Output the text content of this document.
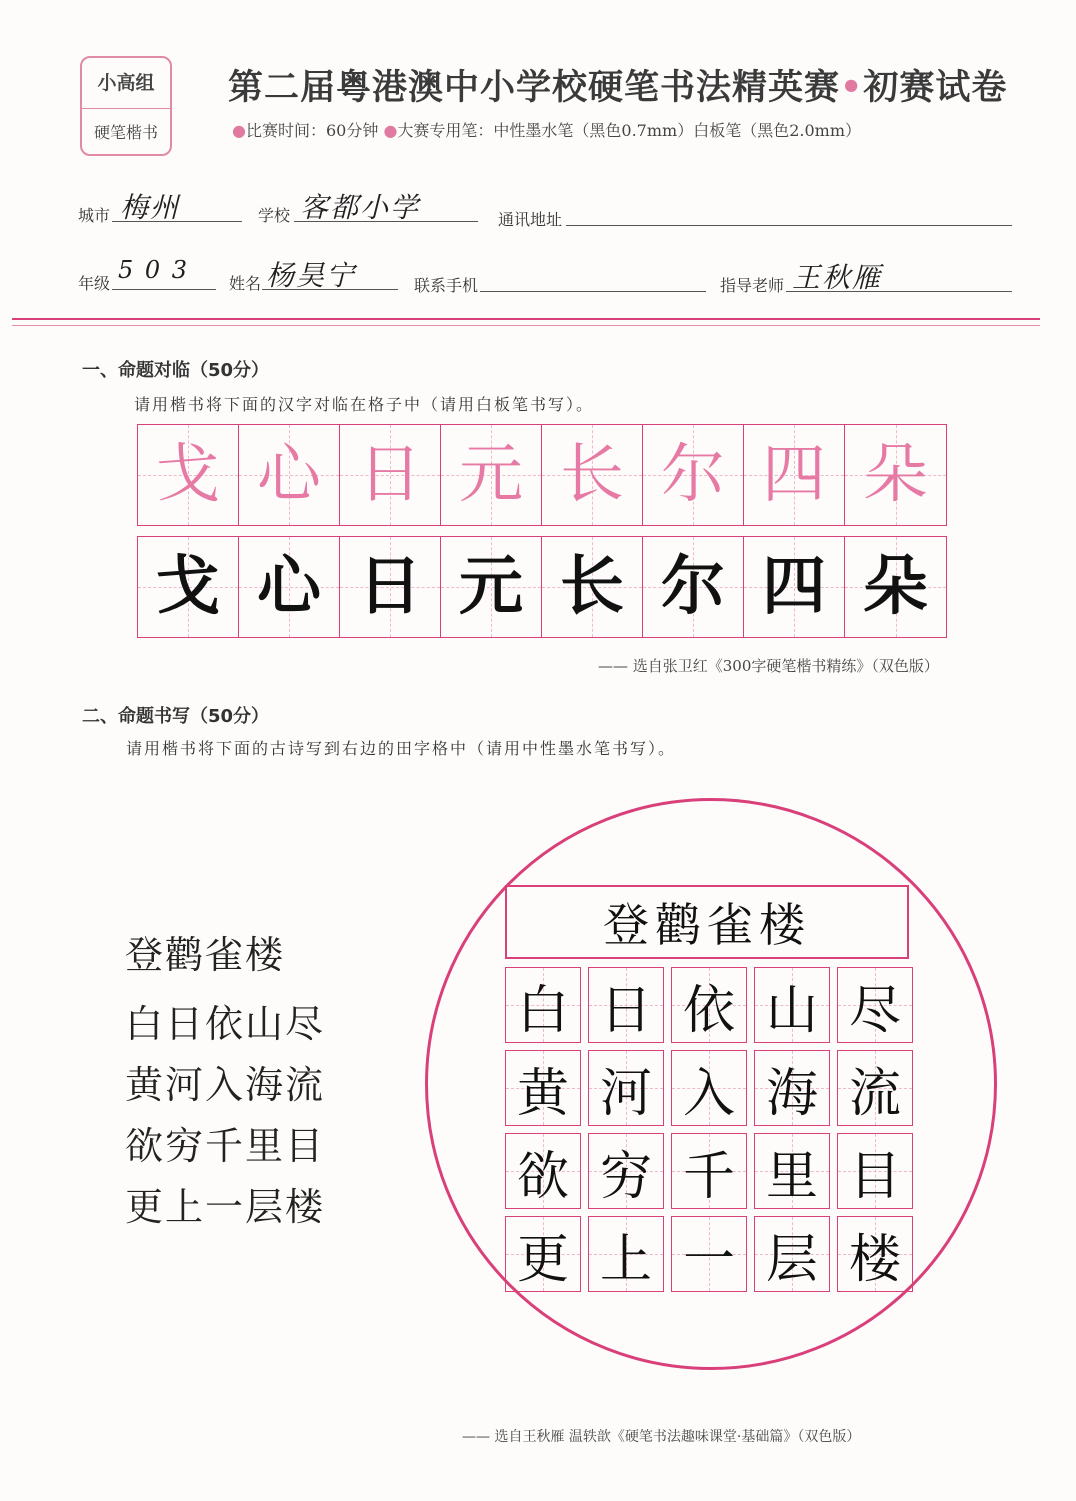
小高组
硬笔楷书
第二届粤港澳中小学校硬笔书法精英赛•初赛试卷
●比赛时间：60分钟 ●大赛专用笔：中性墨水笔（黑色0.7mm）白板笔（黑色2.0mm）
城市 梅州	学校 客都小学	通讯地址
年级 5 0 3 姓名 杨昊宁	联系手机	指导老师 王秋雁
一、命题对临（50分）
请用楷书将下面的汉字对临在格子中（请用白板笔书写）。
戈 心 日 元 长 尔 四 朵
戈 心 日 元 长 尔 四 朵
—— 选自张卫红《300字硬笔楷书精练》（双色版）
二、命题书写（50分）
请用楷书将下面的古诗写到右边的田字格中（请用中性墨水笔书写）。
登鹳雀楼
白日依山尽
黄河入海流
欲穷千里目
更上一层楼
登鹳雀楼
白 日 依 山 尽
黄 河 入 海 流
欲 穷 千 里 目
更 上 一 层 楼
—— 选自王秋雁 温轶歆《硬笔书法趣味课堂·基础篇》（双色版）
